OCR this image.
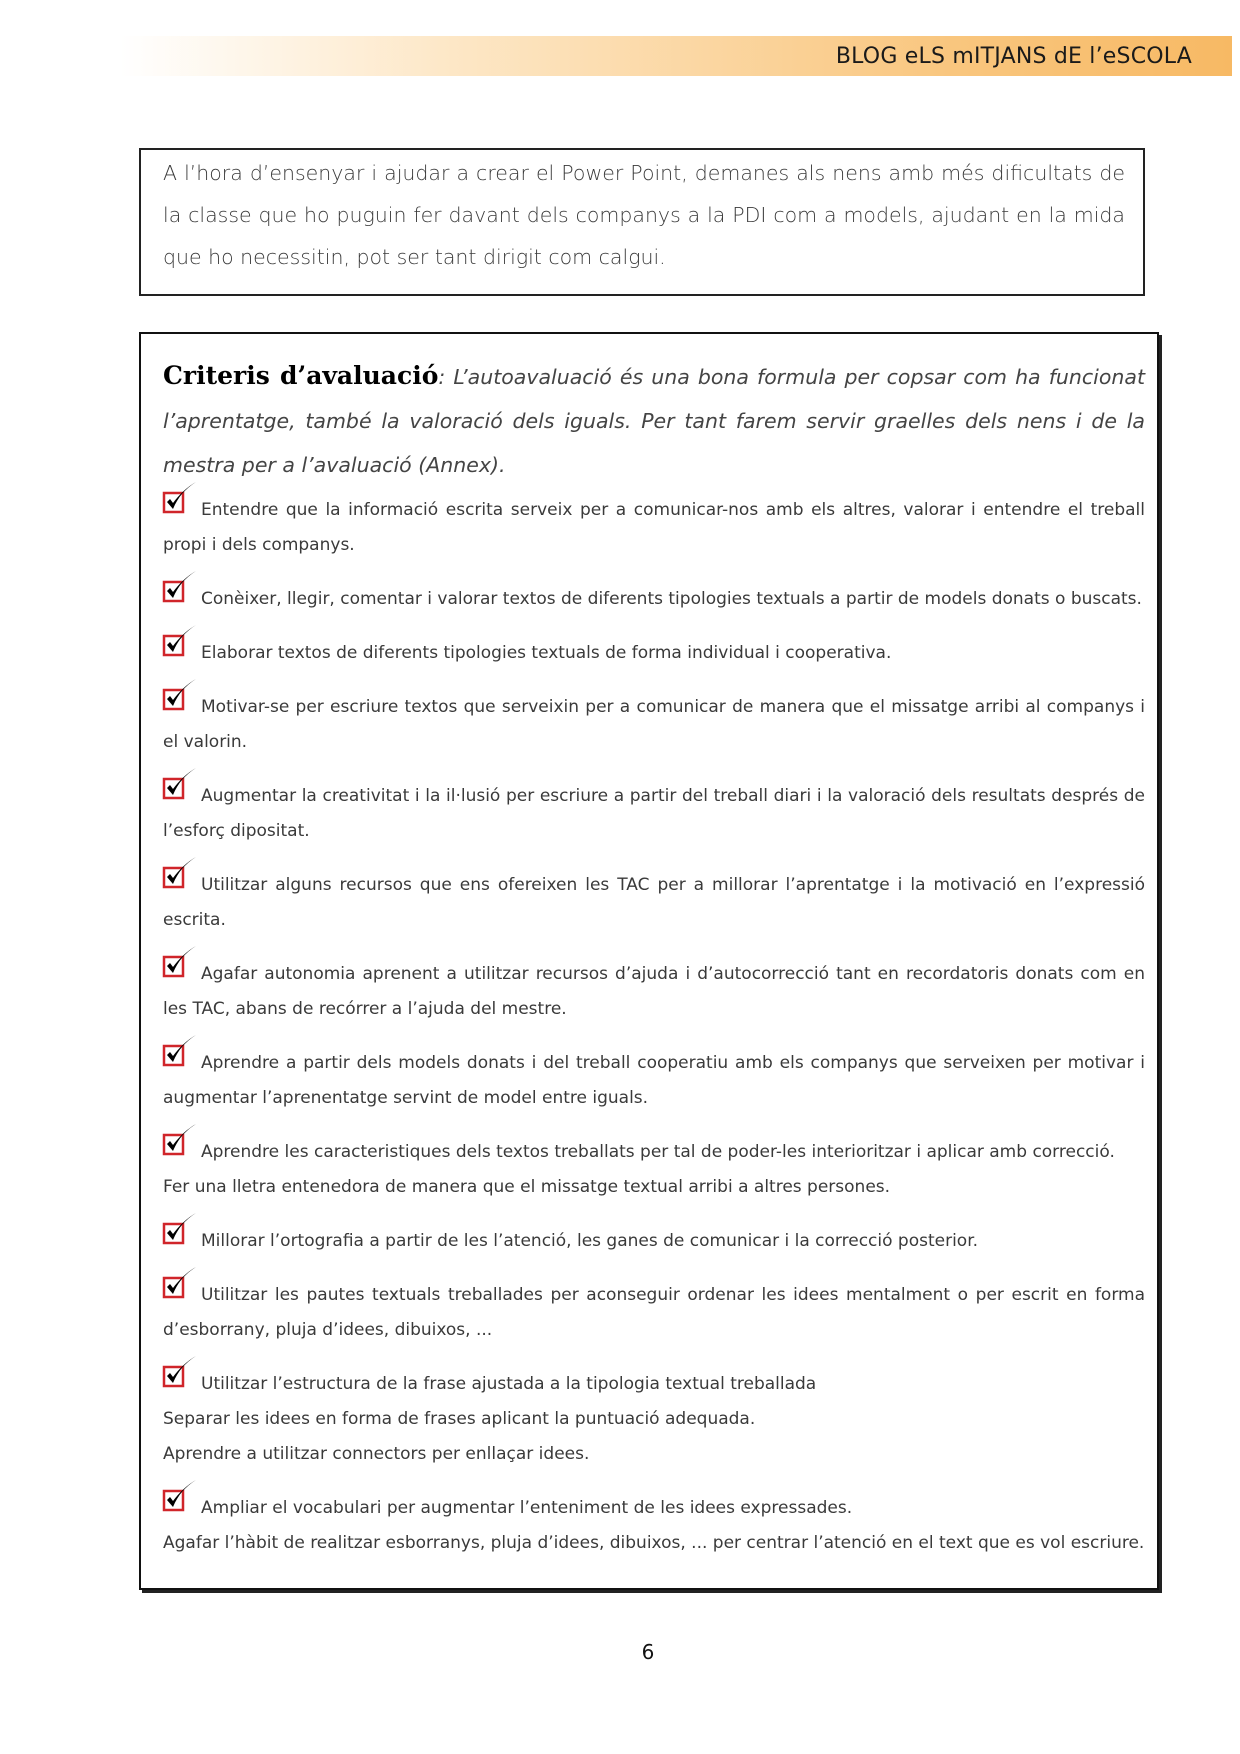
BLOG eLS mITJANS dE l’eSCOLA

A l’hora d’ensenyar i ajudar a crear el Power Point, demanes als nens amb més dificultats de la classe que ho puguin fer davant dels companys a la PDI com a models, ajudant en la mida que ho necessitin, pot ser tant dirigit com calgui.

Criteris d’avaluació: L’autoavaluació és una bona formula per copsar com ha funcionat l’aprentatge, també la valoració dels iguals. Per tant farem servir graelles dels nens i de la mestra per a l’avaluació (Annex).

Entendre que la informació escrita serveix per a comunicar-nos amb els altres, valorar i entendre el treball propi i dels companys.

Conèixer, llegir, comentar i valorar textos de diferents tipologies textuals a partir de models donats o buscats.

Elaborar textos de diferents tipologies textuals de forma individual i cooperativa.

Motivar-se per escriure textos que serveixin per a comunicar de manera que el missatge arribi al companys i el valorin.

Augmentar la creativitat i la il·lusió per escriure a partir del treball diari i la valoració dels resultats després de l’esforç dipositat.

Utilitzar alguns recursos que ens ofereixen les TAC per a millorar l’aprentatge i la motivació en l’expressió escrita.

Agafar autonomia aprenent a utilitzar recursos d’ajuda i d’autocorrecció tant en recordatoris donats com en les TAC, abans de recórrer a l’ajuda del mestre.

Aprendre a partir dels models donats i del treball cooperatiu amb els companys que serveixen per motivar i augmentar l’aprenentatge servint de model entre iguals.

Aprendre les caracteristiques dels textos treballats per tal de poder-les interioritzar i aplicar amb correcció.

Fer una lletra entenedora de manera que el missatge textual arribi a altres persones.

Millorar l’ortografia a partir de les l’atenció, les ganes de comunicar i la correcció posterior.

Utilitzar les pautes textuals treballades per aconseguir ordenar les idees mentalment o per escrit en forma d’esborrany, pluja d’idees, dibuixos, ...

Utilitzar l’estructura de la frase ajustada a la tipologia textual treballada

Separar les idees en forma de frases aplicant la puntuació adequada.

Aprendre a utilitzar connectors per enllaçar idees.

Ampliar el vocabulari per augmentar l’enteniment de les idees expressades.

Agafar l’hàbit de realitzar esborranys, pluja d’idees, dibuixos, ... per centrar l’atenció en el text que es vol escriure.

6
